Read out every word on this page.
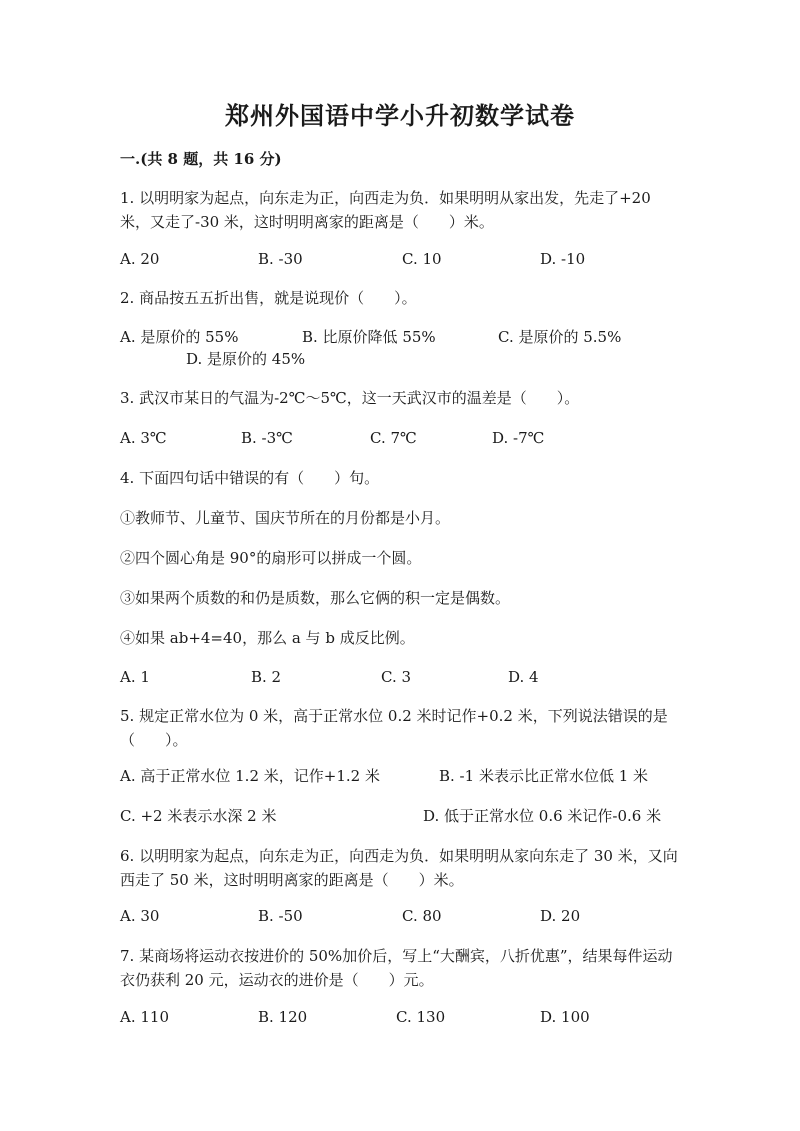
郑州外国语中学小升初数学试卷
一.(共 8 题，共 16 分)
1. 以明明家为起点，向东走为正，向西走为负．如果明明从家出发，先走了+20 米，又走了-30 米，这时明明离家的距离是（　　）米。
A. 20	B. -30	C. 10	D. -10
2. 商品按五五折出售，就是说现价（　　）。
A. 是原价的 55%	B. 比原价降低 55%	C. 是原价的 5.5%
D. 是原价的 45%
3. 武汉市某日的气温为-2℃～5℃，这一天武汉市的温差是（　　）。
A. 3℃	B. -3℃	C. 7℃	D. -7℃
4. 下面四句话中错误的有（　　）句。
①教师节、儿童节、国庆节所在的月份都是小月。
②四个圆心角是 90°的扇形可以拼成一个圆。
③如果两个质数的和仍是质数，那么它俩的积一定是偶数。
④如果 ab+4=40，那么 a 与 b 成反比例。
A. 1	B. 2	C. 3	D. 4
5. 规定正常水位为 0 米，高于正常水位 0.2 米时记作+0.2 米，下列说法错误的是（　　）。
A. 高于正常水位 1.2 米，记作+1.2 米	B. -1 米表示比正常水位低 1 米
C. +2 米表示水深 2 米	D. 低于正常水位 0.6 米记作-0.6 米
6. 以明明家为起点，向东走为正，向西走为负．如果明明从家向东走了 30 米，又向西走了 50 米，这时明明离家的距离是（　　）米。
A. 30	B. -50	C. 80	D. 20
7. 某商场将运动衣按进价的 50%加价后，写上“大酬宾，八折优惠”，结果每件运动衣仍获利 20 元，运动衣的进价是（　　）元。
A. 110	B. 120	C. 130	D. 100
